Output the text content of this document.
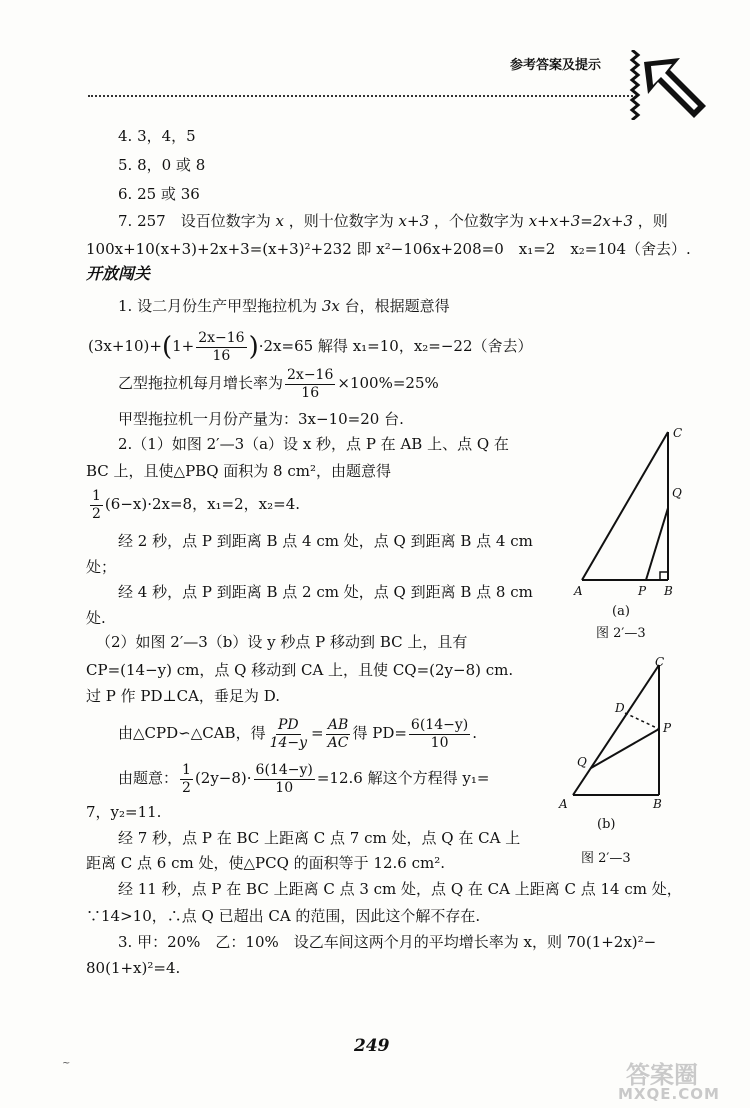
参考答案及提示
4. 3，4，5
5. 8，0 或 8
6. 25 或 36
7. 257　设百位数字为 x ，则十位数字为 x+3 ，个位数字为 x+x+3=2x+3 ，则
100x+10(x+3)+2x+3=(x+3)²+232 即 x²−106x+208=0　x₁=2　x₂=104（舍去）.
开放闯关
1. 设二月份生产甲型拖拉机为 3x 台，根据题意得
$(3x+10)+(1+ \frac{2x-16}{16} )\cdot 2x=65$ 解得 x₁=10，x₂=−22（舍去）
乙型拖拉机每月增长率为 $\frac{2x-16}{16} \times 100\%=25\%$
甲型拖拉机一月份产量为：3x−10=20 台.
2.（1）如图 2′—3（a）设 x 秒，点 P 在 AB 上、点 Q 在
BC 上，且使△PBQ 面积为 8 cm²，由题意得
$\frac{1}{2} (6-x)\cdot 2x=8$，x₁=2，x₂=4.
经 2 秒，点 P 到距离 B 点 4 cm 处，点 Q 到距离 B 点 4 cm
处；
经 4 秒，点 P 到距离 B 点 2 cm 处，点 Q 到距离 B 点 8 cm
处.
（2）如图 2′—3（b）设 y 秒点 P 移动到 BC 上，且有
CP=(14−y) cm，点 Q 移动到 CA 上，且使 CQ=(2y−8) cm.
过 P 作 PD⊥CA，垂足为 D.
由△CPD∽△CAB，得 $\frac{PD}{14-y} = \frac{AB}{AC}$ 得 $PD= \frac{6(14-y)}{10}$ .
由题意： $\frac{1}{2} (2y-8)\cdot \frac{6(14-y)}{10} =12.6$ 解这个方程得 y₁=
7，y₂=11.
经 7 秒，点 P 在 BC 上距离 C 点 7 cm 处，点 Q 在 CA 上
距离 C 点 6 cm 处，使△PCQ 的面积等于 12.6 cm².
经 11 秒，点 P 在 BC 上距离 C 点 3 cm 处，点 Q 在 CA 上距离 C 点 14 cm 处，
∵14>10，∴点 Q 已超出 CA 的范围，因此这个解不存在.
3. 甲：20%　乙：10%　设乙车间这两个月的平均增长率为 x，则 70(1+2x)²−
80(1+x)²=4.
C
Q
A	P B
(a)
图 2′—3
C
D
P
Q
A	B
(b)
图 2′—3
249
~	答案圈
MXQE.COM
